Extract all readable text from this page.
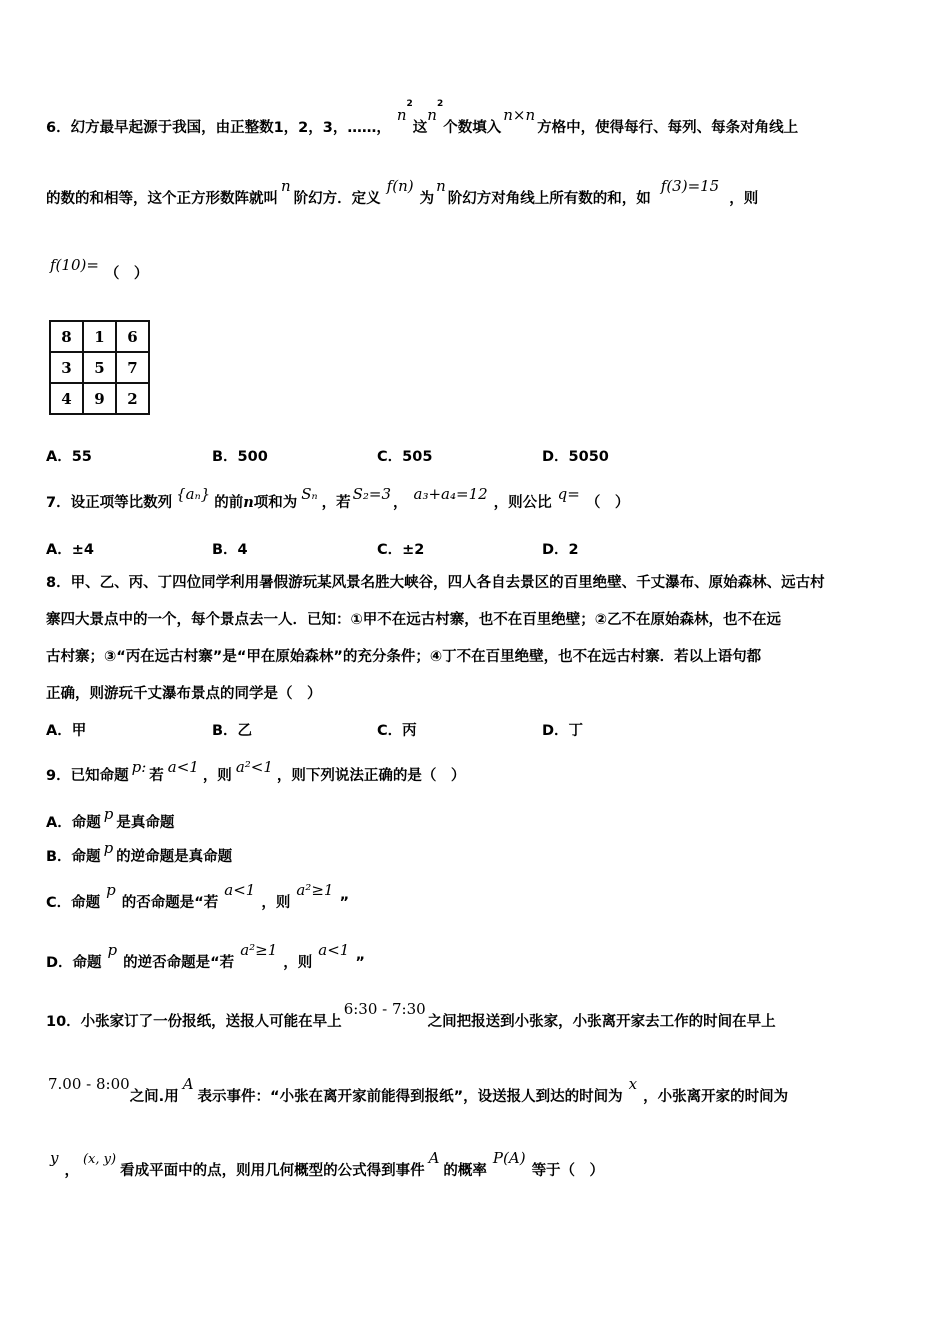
6．幻方最早起源于我国，由正整数1，2，3，……，$n^2$这$n^2$个数填入n×n方格中，使得每行、每列、每条对角线上
的数的和相等，这个正方形数阵就叫n阶幻方．定义f(n)为n阶幻方对角线上所有数的和，如f(3)=15，则
f(10)= （　）
8	1	6
3	5	7
4	9	2
A．55	B．500	C．505	D．5050
7．设正项等比数列 {aₙ} 的前n项和为 Sₙ ，若 S₂=3 ， a₃+a₄=12 ，则公比 q= （　）
A．±4	B．4	C．±2	D．2
8．甲、乙、丙、丁四位同学利用暑假游玩某风景名胜大峡谷，四人各自去景区的百里绝壁、千丈瀑布、原始森林、远古村
寨四大景点中的一个，每个景点去一人．已知：①甲不在远古村寨，也不在百里绝壁；②乙不在原始森林，也不在远
古村寨；③“丙在远古村寨”是“甲在原始森林”的充分条件；④丁不在百里绝壁，也不在远古村寨．若以上语句都
正确，则游玩千丈瀑布景点的同学是（　）
A．甲	B．乙	C．丙	D．丁
9．已知命题 p: 若 a<1 ，则 a²<1 ，则下列说法正确的是（　）
A．命题 p 是真命题
B．命题 p 的逆命题是真命题
C．命题p的否命题是“若a<1，则a²≥1”
D．命题p的逆否命题是“若a²≥1，则a<1”
10．小张家订了一份报纸，送报人可能在早上6:30 - 7:30之间把报送到小张家，小张离开家去工作的时间在早上
7.00 - 8:00之间.用A表示事件：“小张在离开家前能得到报纸”，设送报人到达的时间为x，小张离开家的时间为
y，(x, y)看成平面中的点，则用几何概型的公式得到事件A的概率P(A)等于（　）
